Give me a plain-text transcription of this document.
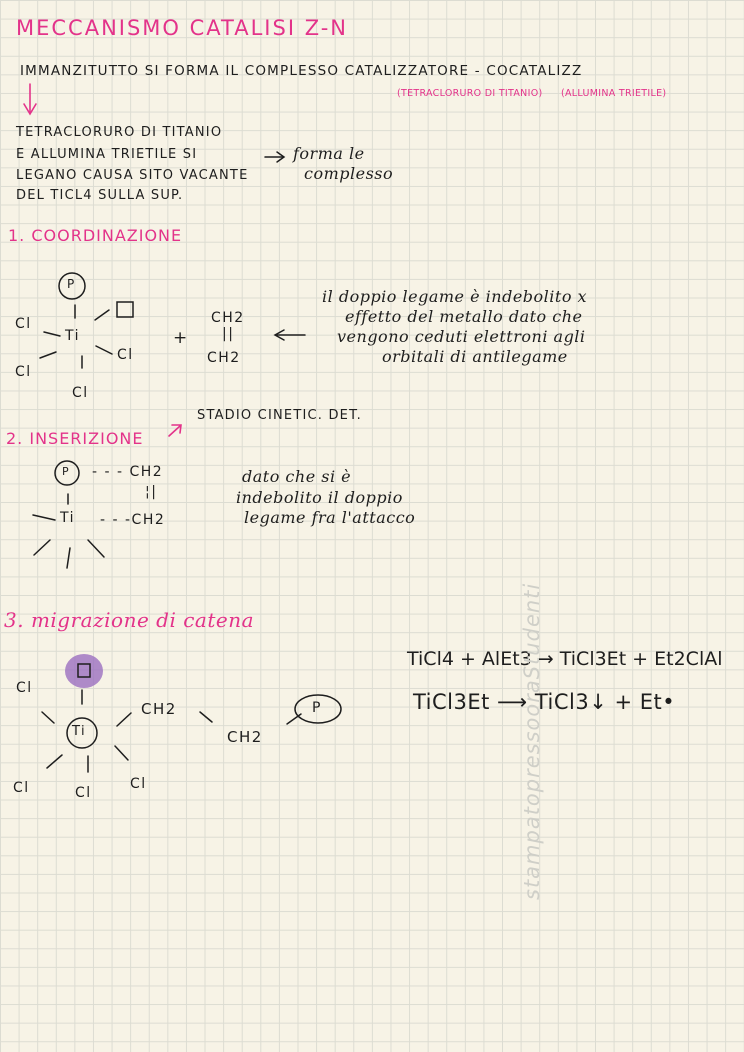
MECCANISMO CATALISI Z-N
IMMANZITUTTO SI FORMA IL COMPLESSO CATALIZZATORE - COCATALIZZ
(TETRACLORURO DI TITANIO) (ALLUMINA TRIETILE)
TETRACLORURO DI TITANIO
E ALLUMINA TRIETILE SI
LEGANO CAUSA SITO VACANTE
DEL TICL4 SULLA SUP.
forma le
complesso
1. COORDINAZIONE
P
Cl
Ti
Cl
Cl
Cl
+
CH2
||
CH2
il doppio legame è indebolito x
effetto del metallo dato che
vengono ceduti elettroni agli
orbitali di antilegame
2. INSERIZIONE
STADIO CINETIC. DET.
P - - - CH2
¦|
Ti - - -CH2
dato che si è
indebolito il doppio
legame fra l'attacco
3. migrazione di catena
Cl
Ti
CH2
CH2
P
Cl	Cl
Cl
TiCl4 + AlEt3 → TiCl3Et + Et2ClAl
TiCl3Et ⟶ TiCl3↓ + Et•
stampatopressooraStudenti
